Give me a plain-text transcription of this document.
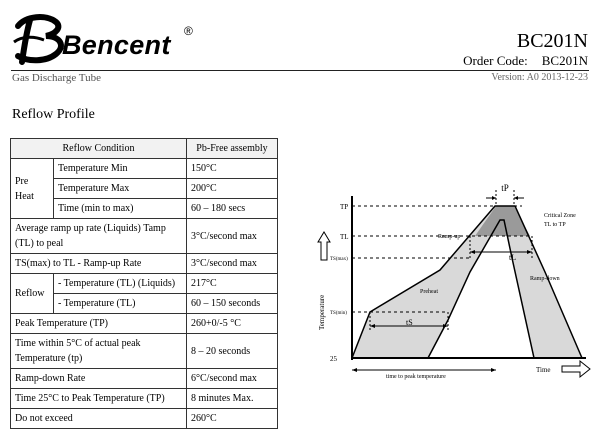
Bencent ®	BC201N
Order Code: BC201N
Gas Discharge Tube	Version: A0 2013-12-23
Reflow Profile
Reflow Condition		Pb-Free assembly
Pre Heat	Temperature Min	150°C
	Temperature Max	200°C
	Time (min to max)	60 – 180 secs
Average ramp up rate (Liquids) Tamp (TL) to peal		3°C/second max
TS(max) to TL - Ramp-up Rate		3°C/second max
Reflow	- Temperature (TL) (Liquids)	217°C
	- Temperature (TL)	60 – 150 seconds
Peak Temperature (TP)		260+0/-5 °C
Time within 5°C of actual peak Temperature (tp)		8 – 20 seconds
Ramp-down Rate		6°C/second max
Time 25°C to Peak Temperature (TP)		8 minutes Max.
Do not exceed		260°C
tP
TP
TL
TS(max)
TS(min)
Temperature
25
Ramp-up
Preheat
tS
tL
Critical Zone
TL to TP
Ramp-down
time to peak temperature
Time
